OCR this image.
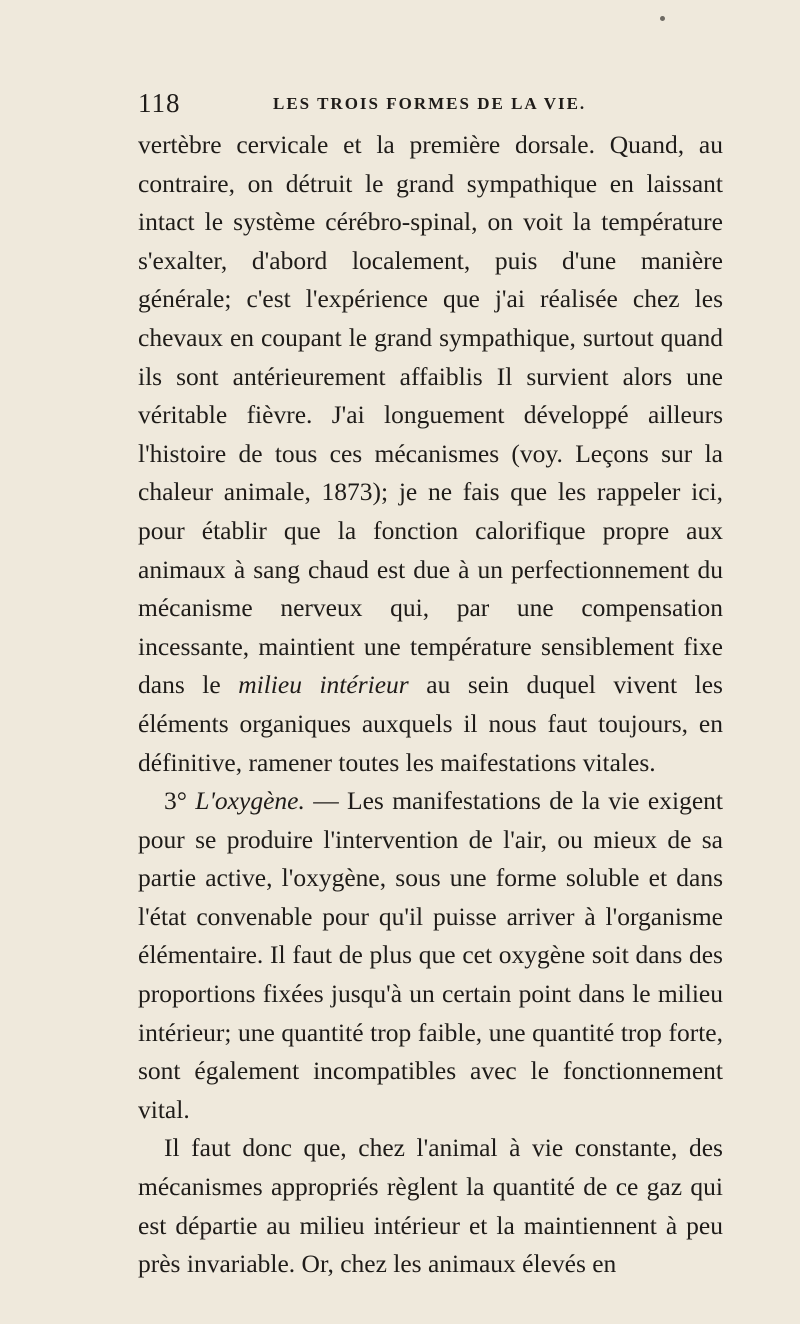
118	LES TROIS FORMES DE LA VIE.

vertèbre cervicale et la première dorsale. Quand, au contraire, on détruit le grand sympathique en laissant intact le système cérébro-spinal, on voit la température s'exalter, d'abord localement, puis d'une manière générale; c'est l'expérience que j'ai réalisée chez les chevaux en coupant le grand sympathique, surtout quand ils sont antérieurement affaiblis Il survient alors une véritable fièvre. J'ai longuement développé ailleurs l'histoire de tous ces mécanismes (voy. Leçons sur la chaleur animale, 1873); je ne fais que les rappeler ici, pour établir que la fonction calorifique propre aux animaux à sang chaud est due à un perfectionnement du mécanisme nerveux qui, par une compensation incessante, maintient une température sensiblement fixe dans le milieu intérieur au sein duquel vivent les éléments organiques auxquels il nous faut toujours, en définitive, ramener toutes les maifestations vitales.

3° L'oxygène. — Les manifestations de la vie exigent pour se produire l'intervention de l'air, ou mieux de sa partie active, l'oxygène, sous une forme soluble et dans l'état convenable pour qu'il puisse arriver à l'organisme élémentaire. Il faut de plus que cet oxygène soit dans des proportions fixées jusqu'à un certain point dans le milieu intérieur; une quantité trop faible, une quantité trop forte, sont également incompatibles avec le fonctionnement vital.

Il faut donc que, chez l'animal à vie constante, des mécanismes appropriés règlent la quantité de ce gaz qui est départie au milieu intérieur et la maintiennent à peu près invariable. Or, chez les animaux élevés en
